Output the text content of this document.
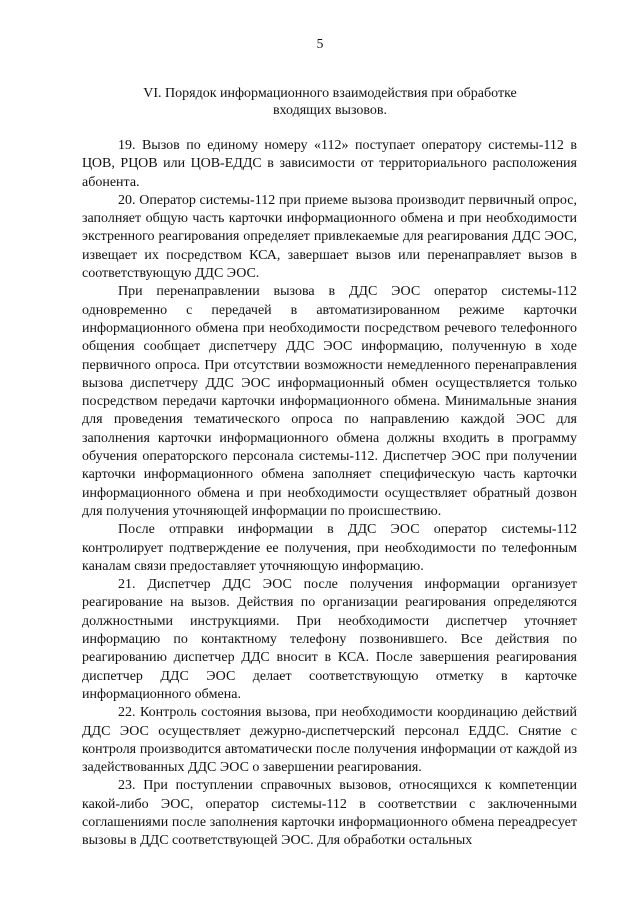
5
VI. Порядок информационного взаимодействия при обработке
входящих вызовов.

19. Вызов по единому номеру «112» поступает оператору системы-112 в ЦОВ, РЦОВ или ЦОВ-ЕДДС в зависимости от территориального расположения абонента.

20. Оператор системы-112 при приеме вызова производит первичный опрос, заполняет общую часть карточки информационного обмена и при необходимости экстренного реагирования определяет привлекаемые для реагирования ДДС ЭОС, извещает их посредством КСА, завершает вызов или перенаправляет вызов в соответствующую ДДС ЭОС.

При перенаправлении вызова в ДДС ЭОС оператор системы-112 одновременно с передачей в автоматизированном режиме карточки информационного обмена при необходимости посредством речевого телефонного общения сообщает диспетчеру ДДС ЭОС информацию, полученную в ходе первичного опроса. При отсутствии возможности немедленного перенаправления вызова диспетчеру ДДС ЭОС информационный обмен осуществляется только посредством передачи карточки информационного обмена. Минимальные знания для проведения тематического опроса по направлению каждой ЭОС для заполнения карточки информационного обмена должны входить в программу обучения операторского персонала системы-112. Диспетчер ЭОС при получении карточки информационного обмена заполняет специфическую часть карточки информационного обмена и при необходимости осуществляет обратный дозвон для получения уточняющей информации по происшествию.

После отправки информации в ДДС ЭОС оператор системы-112 контролирует подтверждение ее получения, при необходимости по телефонным каналам связи предоставляет уточняющую информацию.

21. Диспетчер ДДС ЭОС после получения информации организует реагирование на вызов. Действия по организации реагирования определяются должностными инструкциями. При необходимости диспетчер уточняет информацию по контактному телефону позвонившего. Все действия по реагированию диспетчер ДДС вносит в КСА. После завершения реагирования диспетчер ДДС ЭОС делает соответствующую отметку в карточке информационного обмена.

22. Контроль состояния вызова, при необходимости координацию действий ДДС ЭОС осуществляет дежурно-диспетчерский персонал ЕДДС. Снятие с контроля производится автоматически после получения информации от каждой из задействованных ДДС ЭОС о завершении реагирования.

23. При поступлении справочных вызовов, относящихся к компетенции какой-либо ЭОС, оператор системы-112 в соответствии с заключенными соглашениями после заполнения карточки информационного обмена переадресует вызовы в ДДС соответствующей ЭОС. Для обработки остальных
